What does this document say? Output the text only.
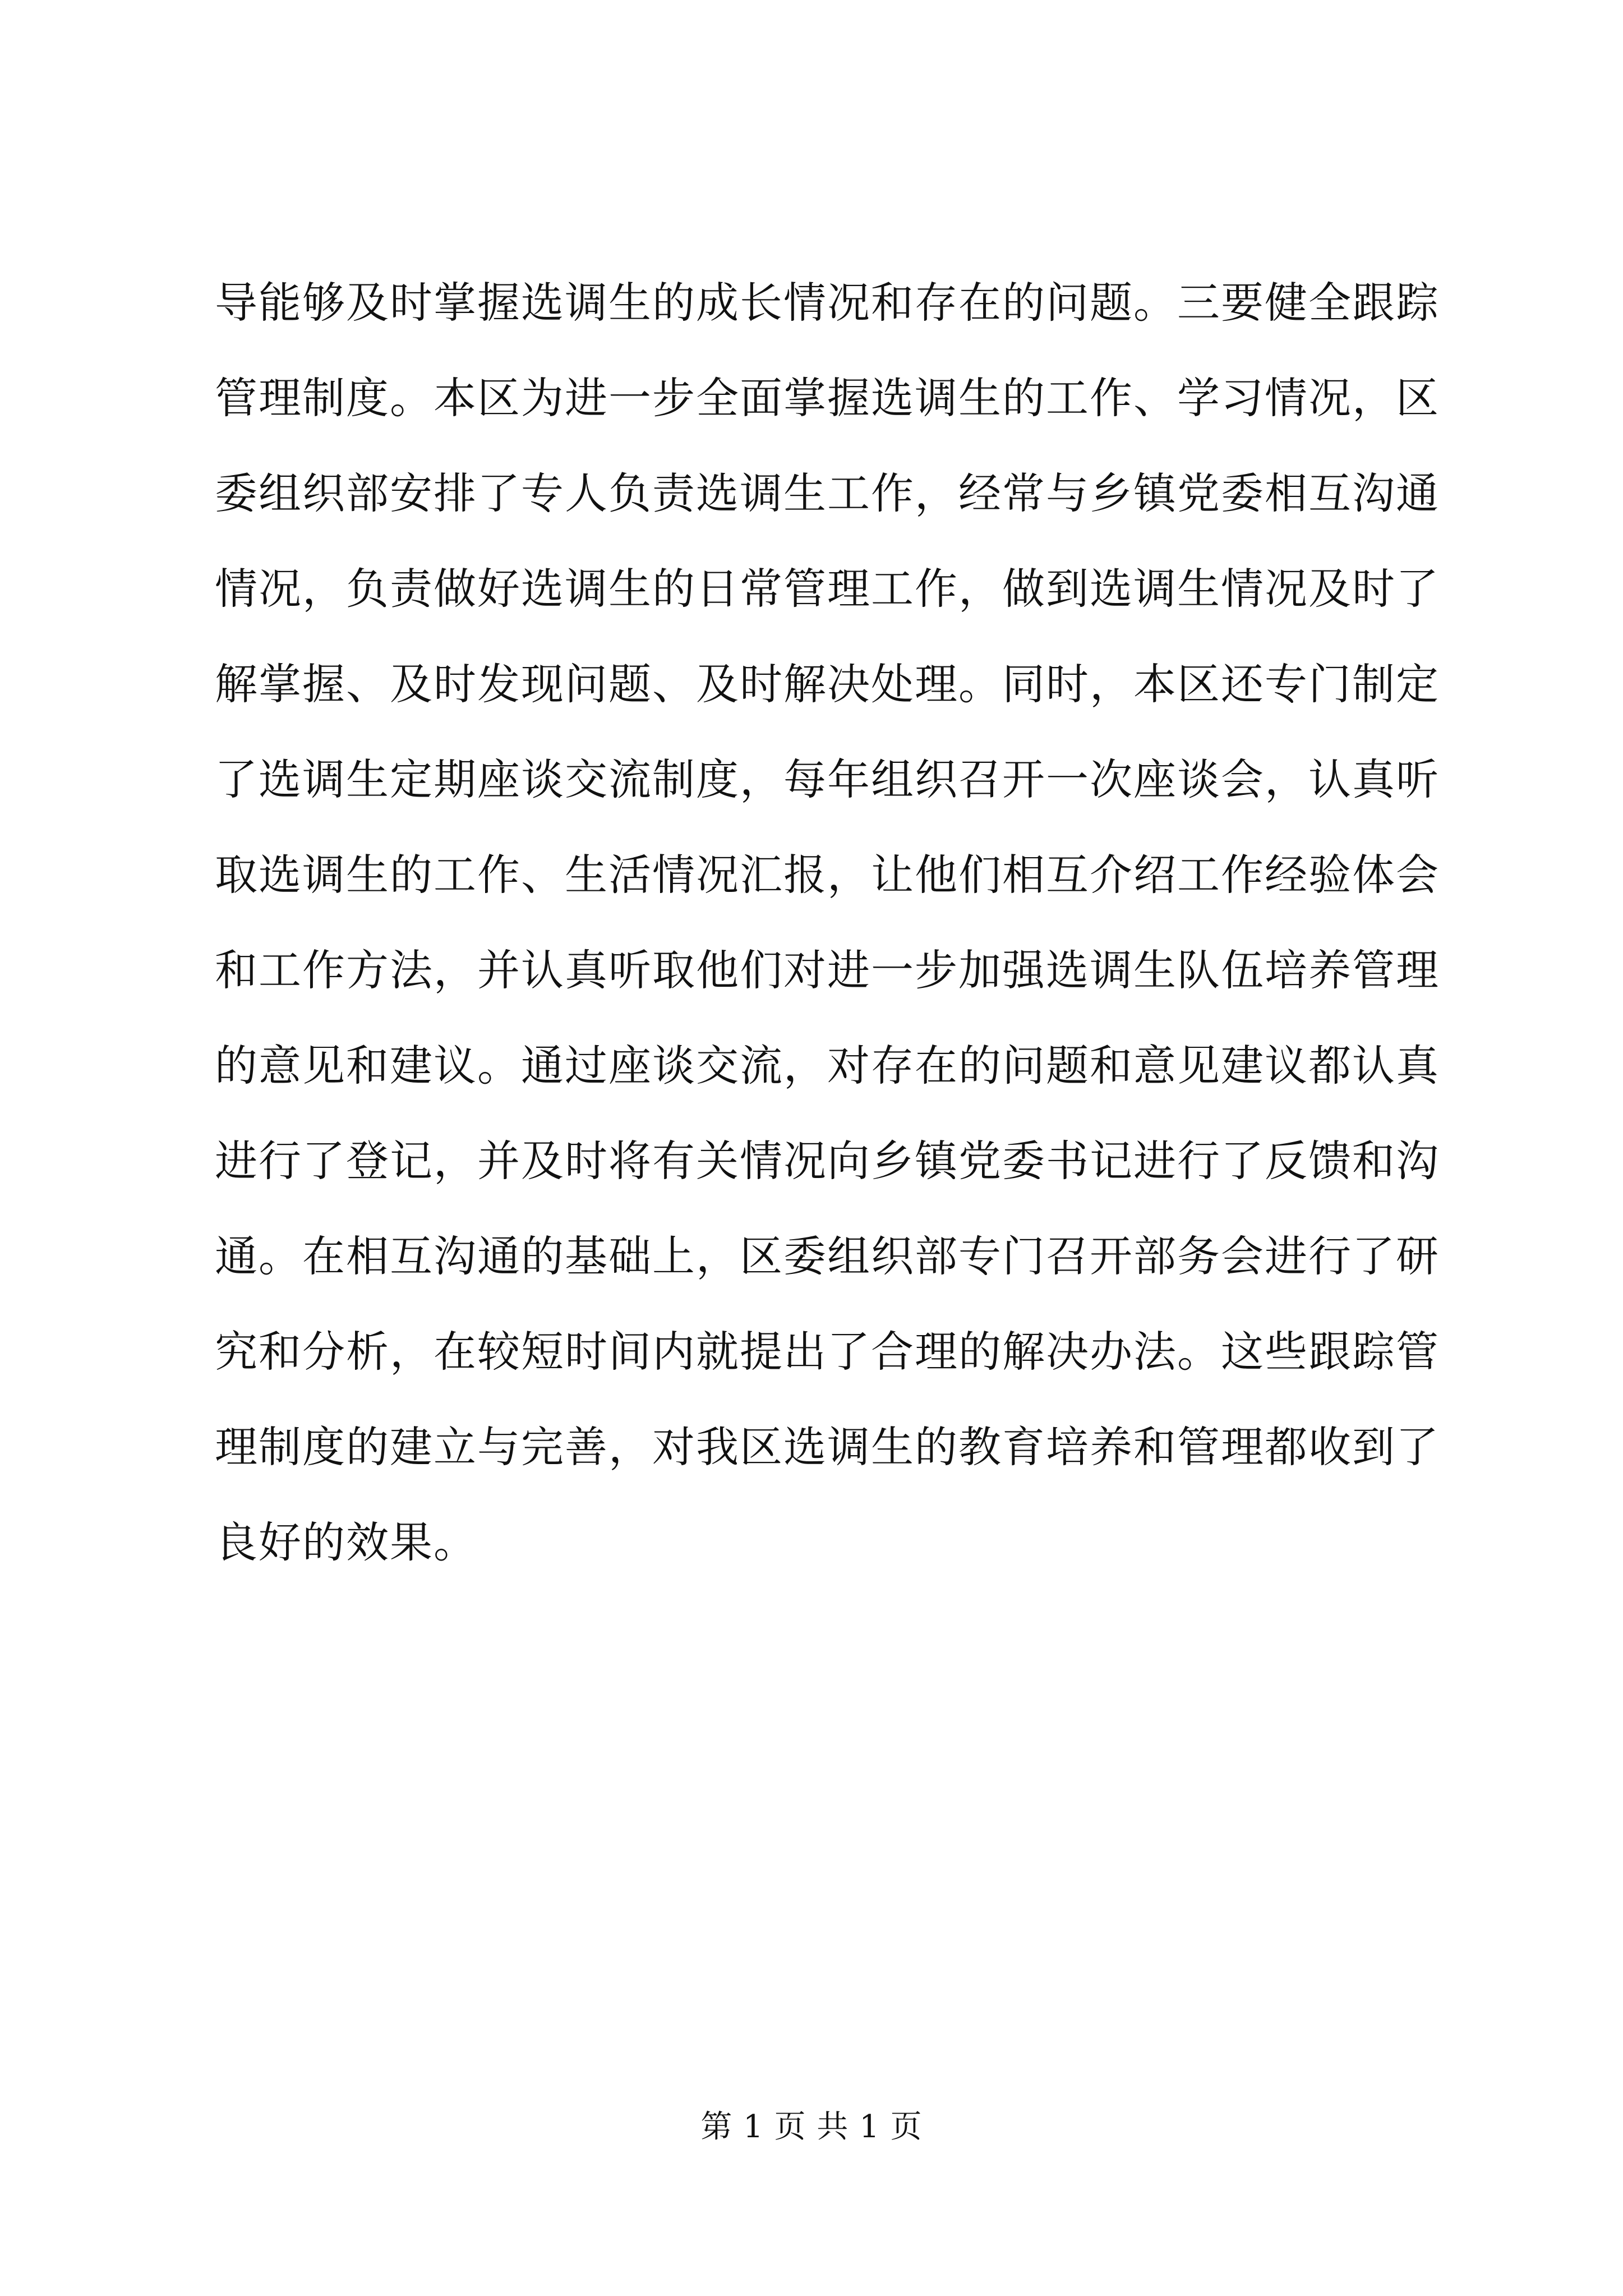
导能够及时掌握选调生的成长情况和存在的问题。三要健全跟踪
管理制度。本区为进一步全面掌握选调生的工作、学习情况，区
委组织部安排了专人负责选调生工作，经常与乡镇党委相互沟通
情况，负责做好选调生的日常管理工作，做到选调生情况及时了
解掌握、及时发现问题、及时解决处理。同时，本区还专门制定
了选调生定期座谈交流制度，每年组织召开一次座谈会，认真听
取选调生的工作、生活情况汇报，让他们相互介绍工作经验体会
和工作方法，并认真听取他们对进一步加强选调生队伍培养管理
的意见和建议。通过座谈交流，对存在的问题和意见建议都认真
进行了登记，并及时将有关情况向乡镇党委书记进行了反馈和沟
通。在相互沟通的基础上，区委组织部专门召开部务会进行了研
究和分析，在较短时间内就提出了合理的解决办法。这些跟踪管
理制度的建立与完善，对我区选调生的教育培养和管理都收到了
良好的效果。
第 1 页 共 1 页
